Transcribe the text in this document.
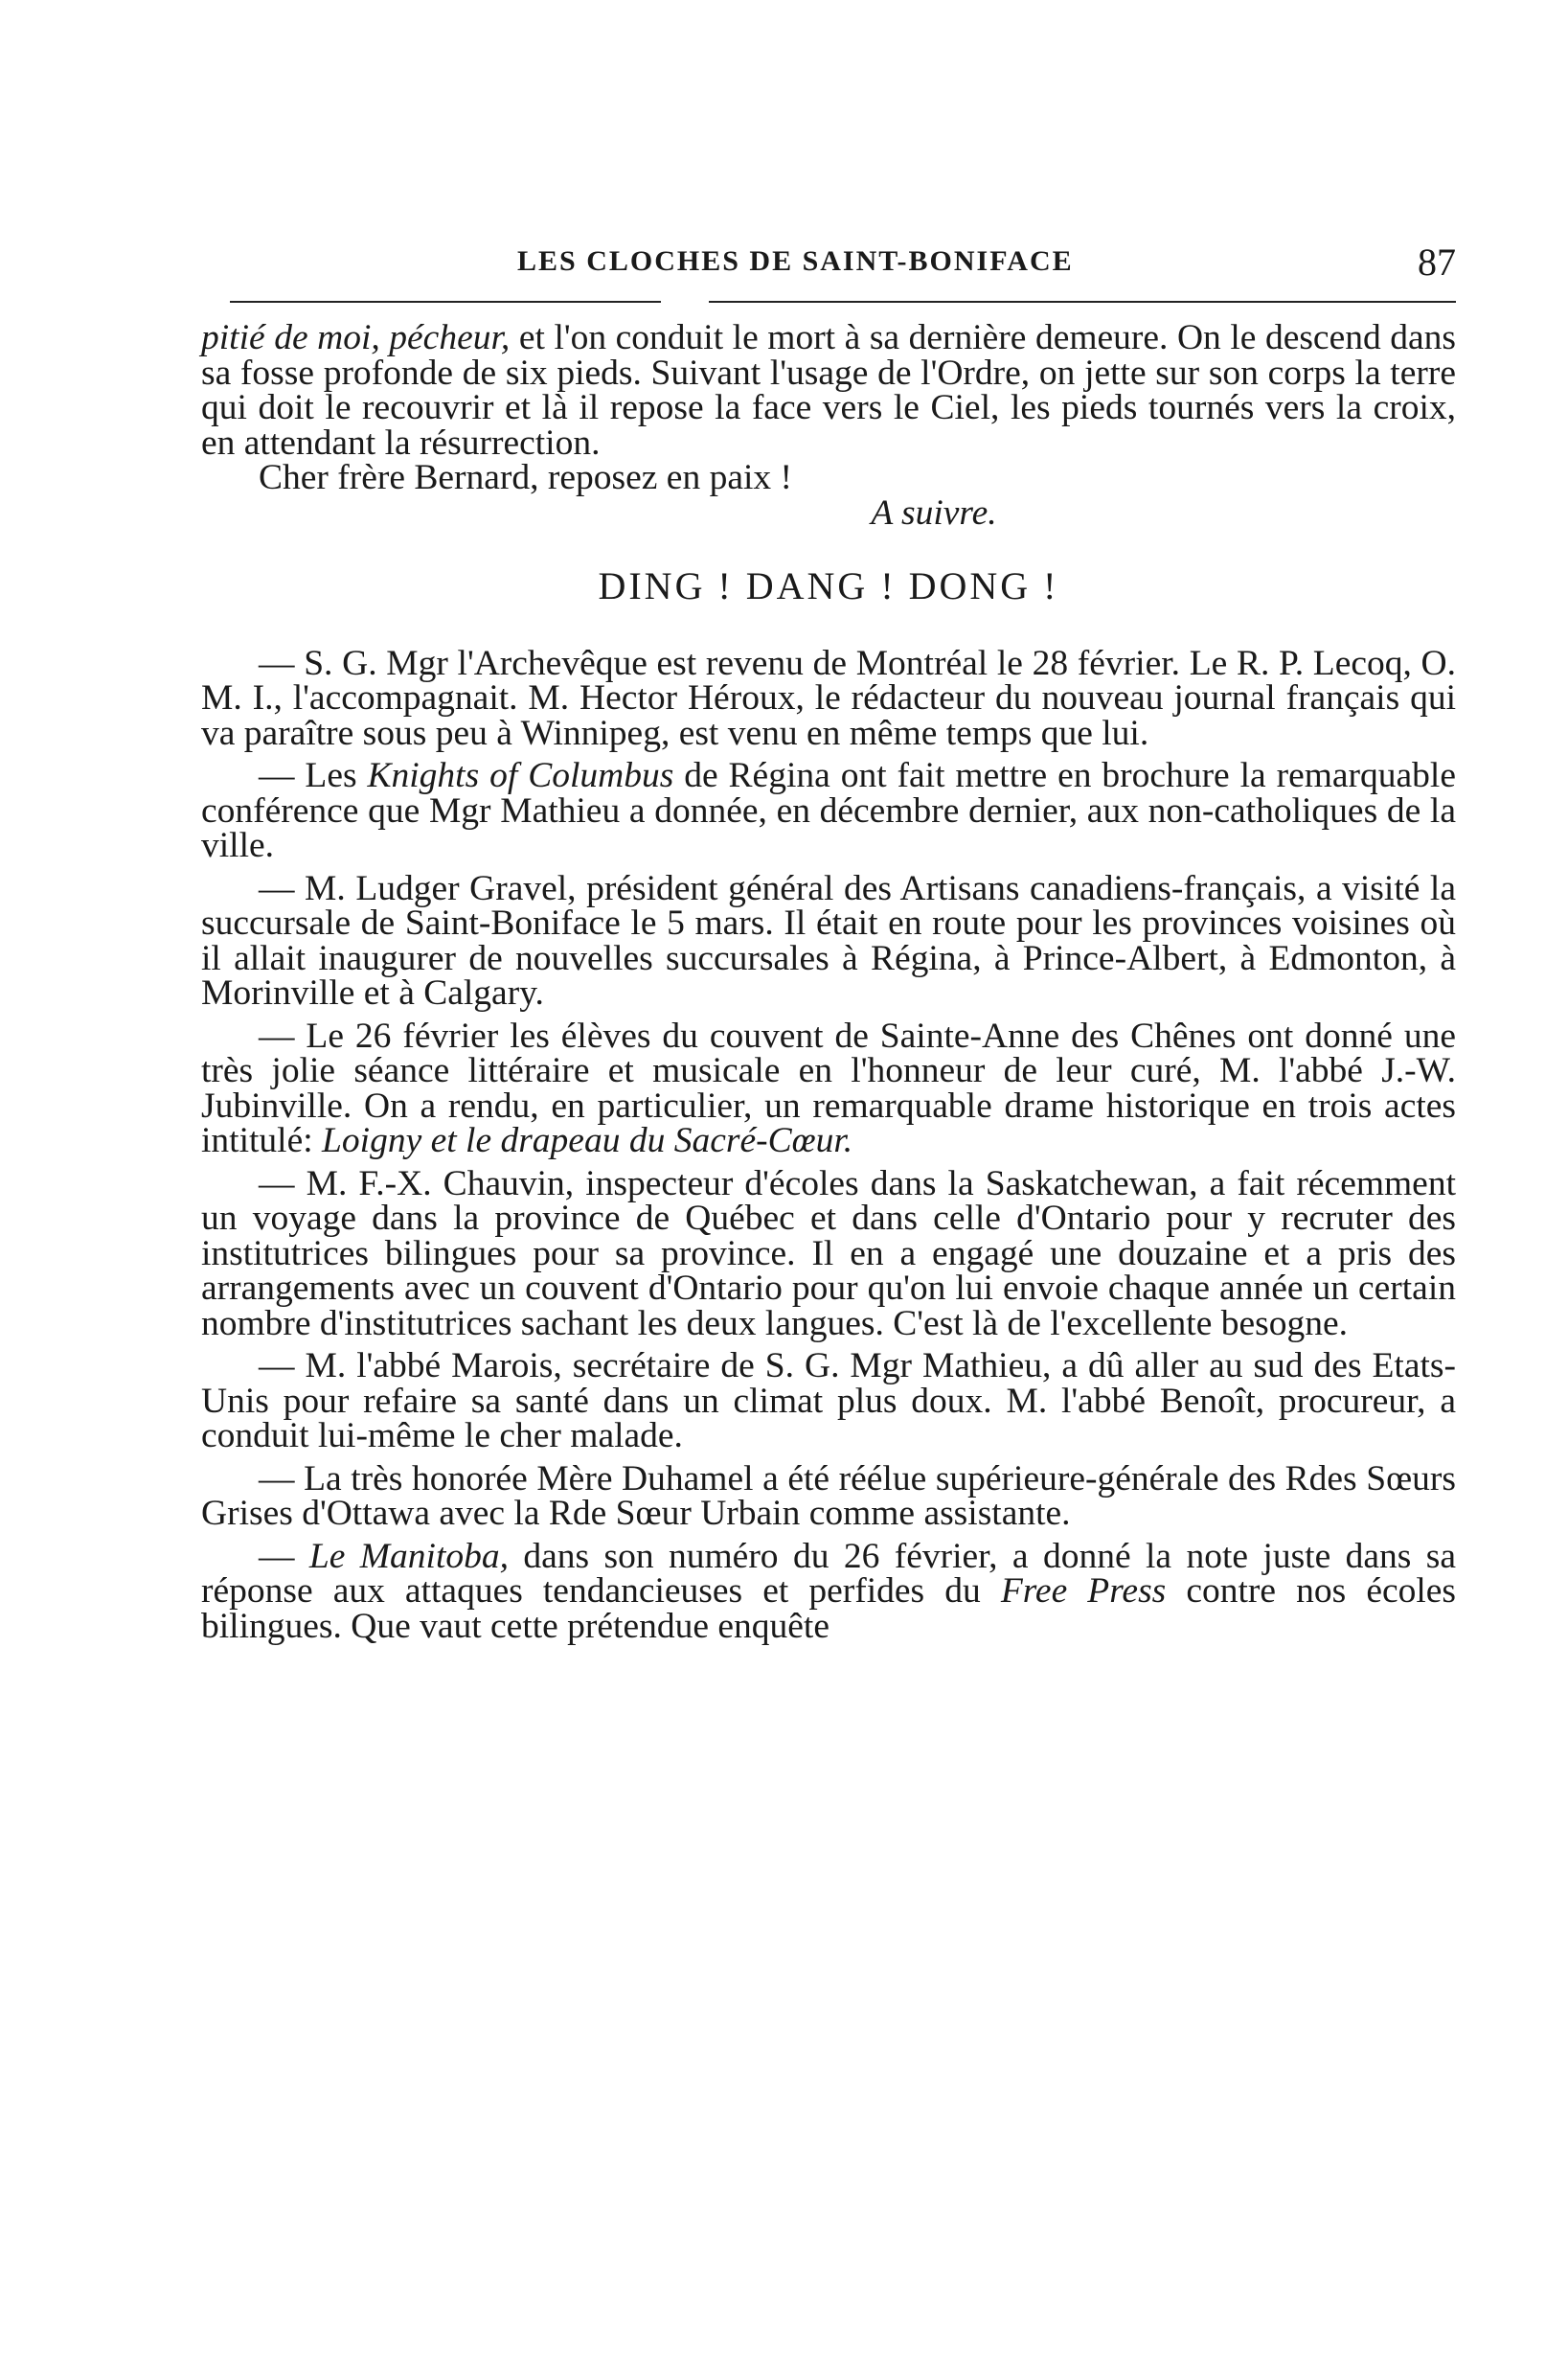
LES CLOCHES DE SAINT-BONIFACE	87

pitié de moi, pécheur, et l'on conduit le mort à sa dernière demeure. On le descend dans sa fosse profonde de six pieds. Suivant l'usage de l'Ordre, on jette sur son corps la terre qui doit le recouvrir et là il repose la face vers le Ciel, les pieds tournés vers la croix, en attendant la résurrection.

Cher frère Bernard, reposez en paix !

A suivre.

DING ! DANG ! DONG !

— S. G. Mgr l'Archevêque est revenu de Montréal le 28 février. Le R. P. Lecoq, O. M. I., l'accompagnait. M. Hector Héroux, le rédacteur du nouveau journal français qui va paraître sous peu à Winnipeg, est venu en même temps que lui.

— Les Knights of Columbus de Régina ont fait mettre en brochure la remarquable conférence que Mgr Mathieu a donnée, en décembre dernier, aux non-catholiques de la ville.

— M. Ludger Gravel, président général des Artisans canadiens-français, a visité la succursale de Saint-Boniface le 5 mars. Il était en route pour les provinces voisines où il allait inaugurer de nouvelles succursales à Régina, à Prince-Albert, à Edmonton, à Morinville et à Calgary.

— Le 26 février les élèves du couvent de Sainte-Anne des Chênes ont donné une très jolie séance littéraire et musicale en l'honneur de leur curé, M. l'abbé J.-W. Jubinville. On a rendu, en particulier, un remarquable drame historique en trois actes intitulé: Loigny et le drapeau du Sacré-Cœur.

— M. F.-X. Chauvin, inspecteur d'écoles dans la Saskatchewan, a fait récemment un voyage dans la province de Québec et dans celle d'Ontario pour y recruter des institutrices bilingues pour sa province. Il en a engagé une douzaine et a pris des arrangements avec un couvent d'Ontario pour qu'on lui envoie chaque année un certain nombre d'institutrices sachant les deux langues. C'est là de l'excellente besogne.

— M. l'abbé Marois, secrétaire de S. G. Mgr Mathieu, a dû aller au sud des Etats-Unis pour refaire sa santé dans un climat plus doux. M. l'abbé Benoît, procureur, a conduit lui-même le cher malade.

— La très honorée Mère Duhamel a été réélue supérieure-générale des Rdes Sœurs Grises d'Ottawa avec la Rde Sœur Urbain comme assistante.

— Le Manitoba, dans son numéro du 26 février, a donné la note juste dans sa réponse aux attaques tendancieuses et perfides du Free Press contre nos écoles bilingues. Que vaut cette prétendue enquête
